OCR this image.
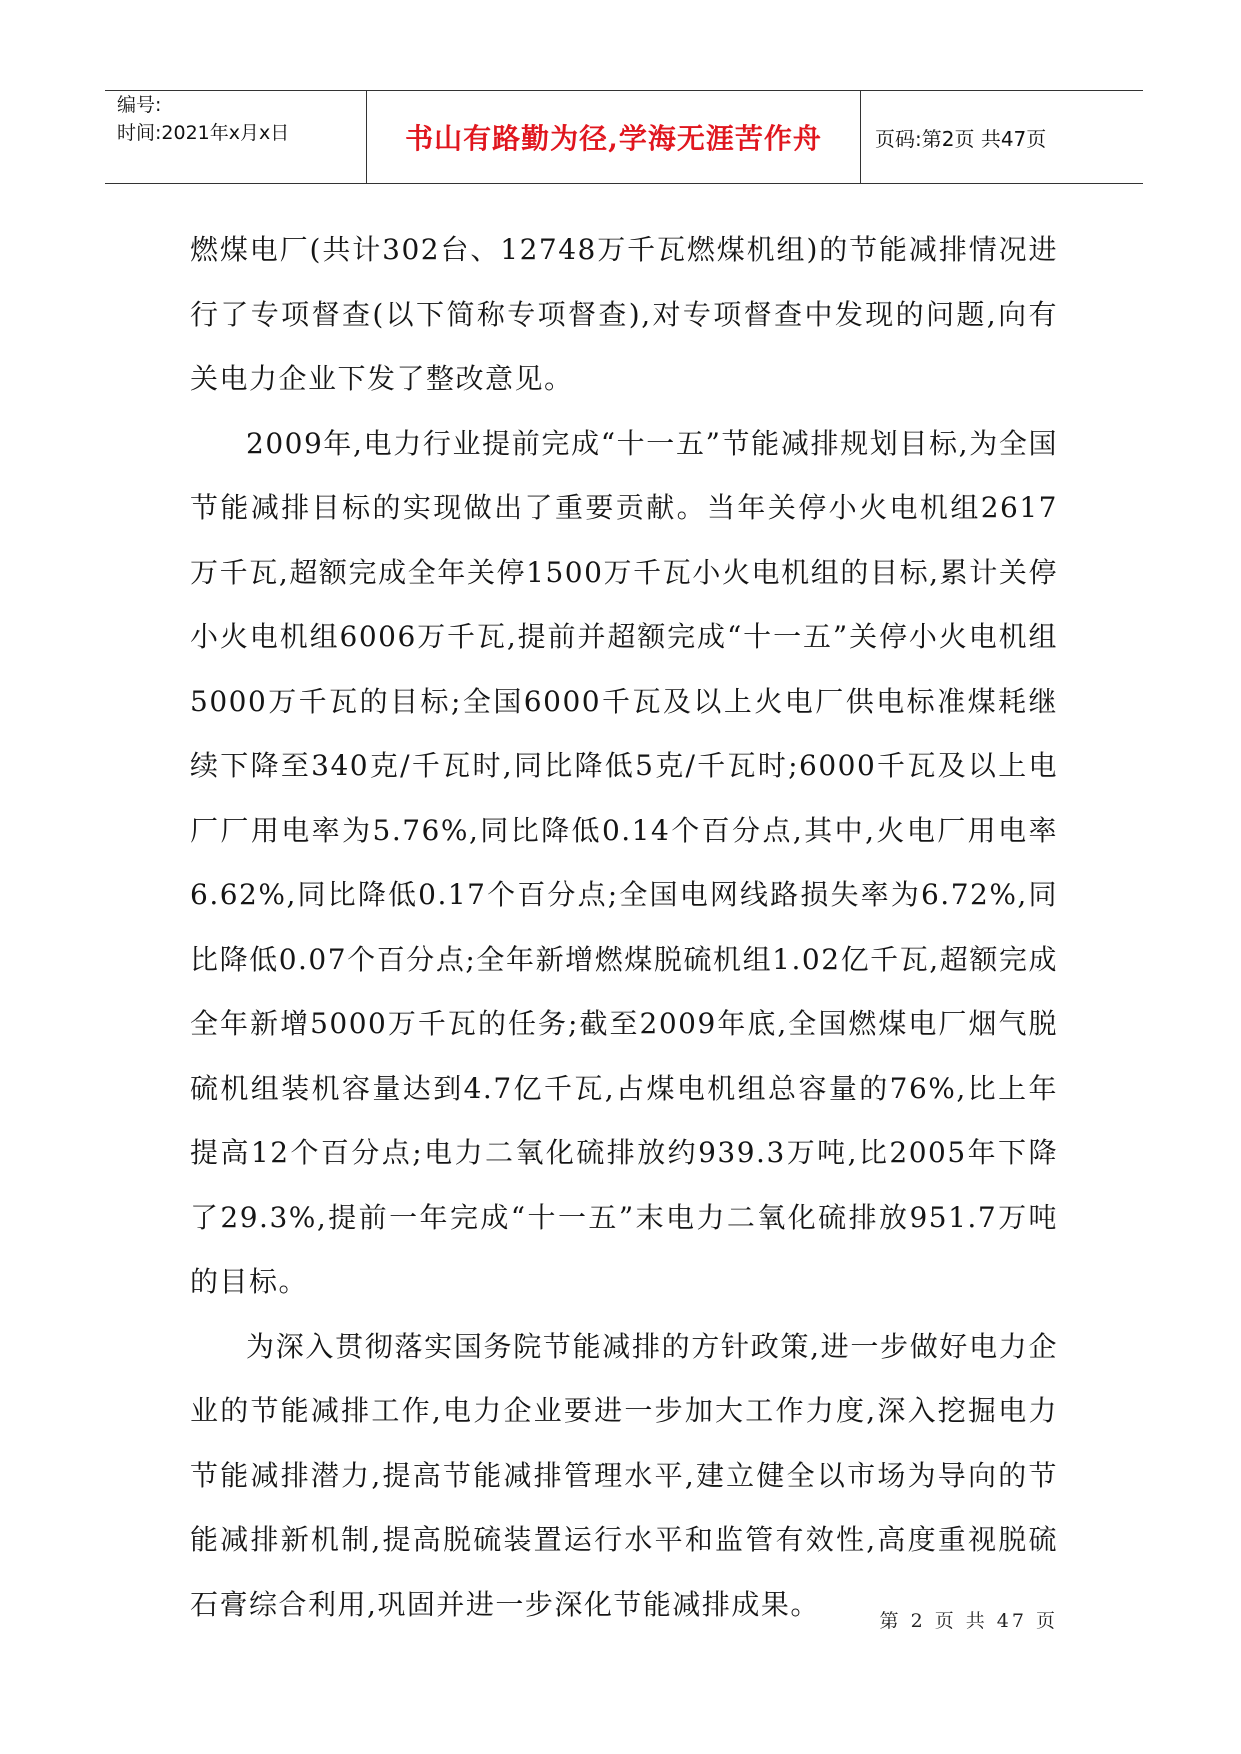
编号:
时间:2021年x月x日	书山有路勤为径,学海无涯苦作舟	页码:第2页 共47页

燃煤电厂(共计302台、12748万千瓦燃煤机组)的节能减排情况进行了专项督查(以下简称专项督查),对专项督查中发现的问题,向有关电力企业下发了整改意见。

2009年,电力行业提前完成“十一五”节能减排规划目标,为全国节能减排目标的实现做出了重要贡献。当年关停小火电机组2617万千瓦,超额完成全年关停1500万千瓦小火电机组的目标,累计关停小火电机组6006万千瓦,提前并超额完成“十一五”关停小火电机组5000万千瓦的目标;全国6000千瓦及以上火电厂供电标准煤耗继续下降至340克/千瓦时,同比降低5克/千瓦时;6000千瓦及以上电厂厂用电率为5.76%,同比降低0.14个百分点,其中,火电厂用电率6.62%,同比降低0.17个百分点;全国电网线路损失率为6.72%,同比降低0.07个百分点;全年新增燃煤脱硫机组1.02亿千瓦,超额完成全年新增5000万千瓦的任务;截至2009年底,全国燃煤电厂烟气脱硫机组装机容量达到4.7亿千瓦,占煤电机组总容量的76%,比上年提高12个百分点;电力二氧化硫排放约939.3万吨,比2005年下降了29.3%,提前一年完成“十一五”末电力二氧化硫排放951.7万吨的目标。

为深入贯彻落实国务院节能减排的方针政策,进一步做好电力企业的节能减排工作,电力企业要进一步加大工作力度,深入挖掘电力节能减排潜力,提高节能减排管理水平,建立健全以市场为导向的节能减排新机制,提高脱硫装置运行水平和监管有效性,高度重视脱硫石膏综合利用,巩固并进一步深化节能减排成果。

第 2 页 共 47 页
